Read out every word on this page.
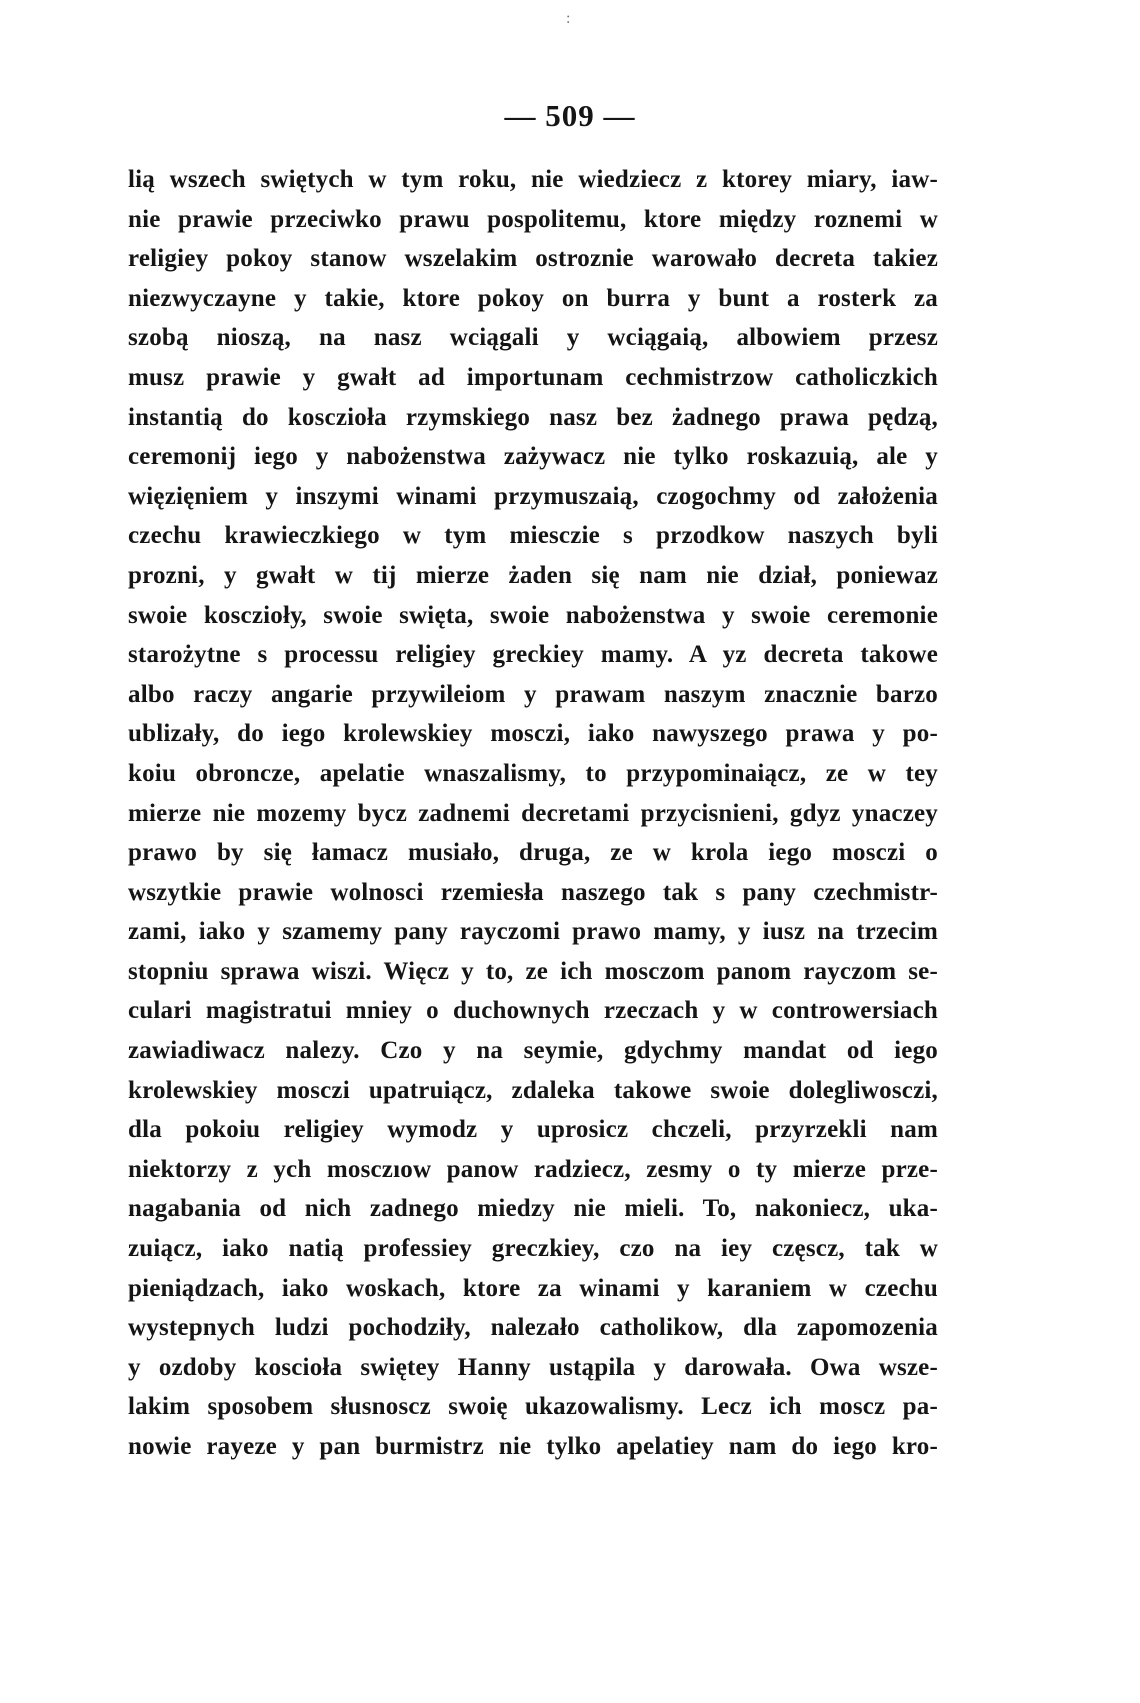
:
— 509 —
lią wszech swiętych w tym roku, nie wiedziecz z ktorey miary, iaw-
nie prawie przeciwko prawu pospolitemu, ktore między roznemi w
religiey pokoy stanow wszelakim ostroznie warowało decreta takiez
niezwyczayne y takie, ktore pokoy on burra y bunt a rosterk za
szobą nioszą, na nasz wciągali y wciągaią, albowiem przesz
musz prawie y gwałt ad importunam cechmistrzow catholiczkich
instantią do kosczioła rzymskiego nasz bez żadnego prawa pędzą,
ceremonij iego y nabożenstwa zażywacz nie tylko roskazuią, ale y
więzięniem y inszymi winami przymuszaią, czogochmy od założenia
czechu krawieczkiego w tym miesczie s przodkow naszych byli
prozni, y gwałt w tij mierze żaden się nam nie dział, poniewaz
swoie koscziołу, swoie swięta, swoie nabożenstwa y swoie ceremonie
starożytne s processu religiey greckiey mamy. A yz decreta takowe
albo raczy angarie przywileiom y prawam naszym znacznie barzo
ublizały, do iego krolewskiey mosczi, iako nawyszego prawa y po-
koiu obroncze, apelatie wnaszalismy, to przypominaiącz, ze w tey
mierze nie mozemy bycz zadnemi decretami przycisnieni, gdyz ynaczey
prawo by się łamacz musiało, druga, ze w krola iego mosczi o
wszytkie prawie wolnosci rzemiesła naszego tak s pany czechmistr-
zami, iako y szamemy pany rayczomi prawo mamy, y iusz na trzecim
stopniu sprawa wiszi. Więcz y to, ze ich mosczom panom rayczom se-
culari magistratui mniey o duchownych rzeczach y w controwersiach
zawiadiwacz nalezy. Czo y na seymie, gdychmy mandat od iego
krolewskiey mosczi upatruiącz, zdaleka takowe swoie dolegliwosczi,
dla pokoiu religiey wymodz y uprosicz chczeli, przyrzekli nam
niektorzy z ych mosczıow panow radziecz, zesmy o ty mierze prze-
nagabania od nich zadnego miedzy nie mieli. To, nakoniecz, uka-
zuiącz, iako natią professiey greczkiey, czo na iey częscz, tak w
pieniądzach, iako woskach, ktore za winami y karaniem w czechu
wystepnych ludzi pochodziły, nalezało catholikow, dla zapomozenia
y ozdoby koscioła swiętey Hanny ustąpila y darowała. Owa wsze-
lakim sposobem słusnoscz swoię ukazowalismy. Lecz ich moscz pa-
nowie rayeze y pan burmistrz nie tylko apelatiey nam do iego kro-
